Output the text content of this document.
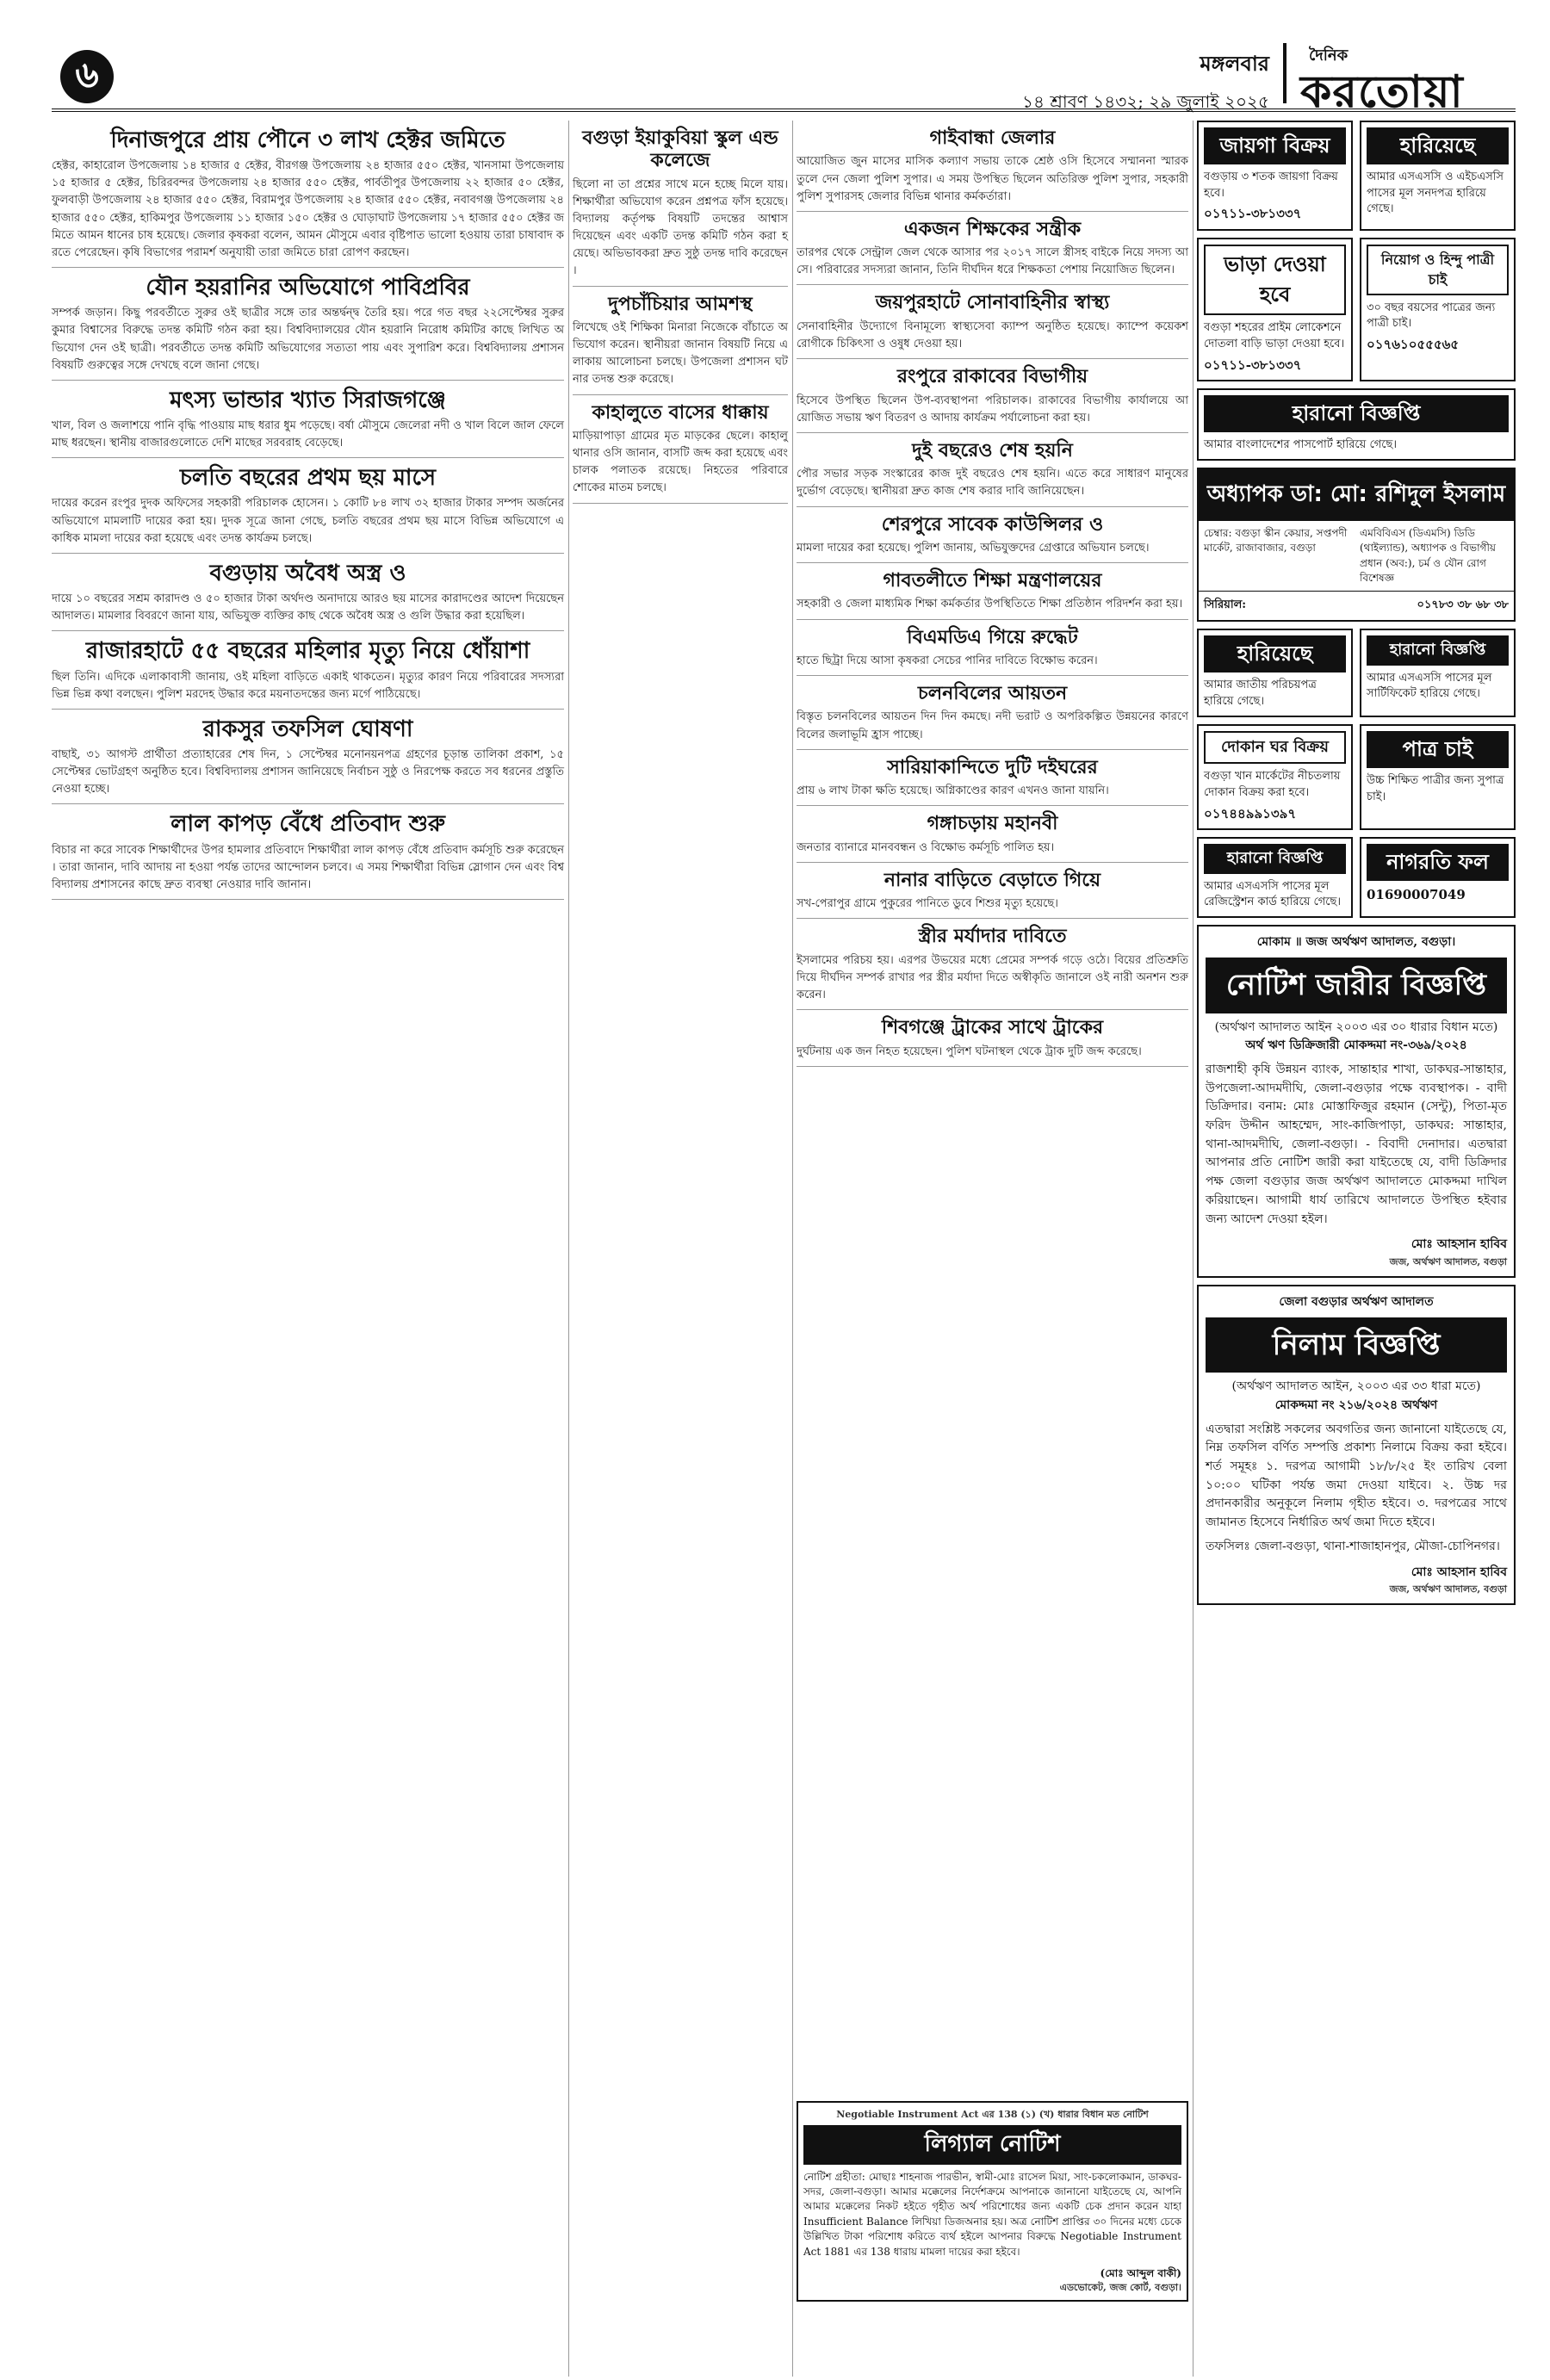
৬	মঙ্গলবার
১৪ শ্রাবণ ১৪৩২; ২৯ জুলাই ২০২৫
দৈনিক
করতোয়া
দিনাজপুরে প্রায় পৌনে ৩ লাখ হেক্টর জমিতে

হেক্টর, কাহারোল উপজেলায় ১৪ হাজার ৫ হেক্টর, বীরগঞ্জ উপজেলায় ২৪ হাজার ৫৫০ হেক্টর, খানসামা উপজেলায় ১৫ হাজার ৫ হেক্টর, চিরিরবন্দর উপজেলায় ২৪ হাজার ৫৫০ হেক্টর, পার্বতীপুর উপজেলায় ২২ হাজার ৫০ হেক্টর, ফুলবাড়ী উপজেলায় ২৪ হাজার ৫৫০ হেক্টর, বিরামপুর উপজেলায় ২৪ হাজার ৫৫০ হেক্টর, নবাবগঞ্জ উপজেলায় ২৪ হাজার ৫৫০ হেক্টর, হাকিমপুর উপজেলায় ১১ হাজার ১৫০ হেক্টর ও ঘোড়াঘাট উপজেলায় ১৭ হাজার ৫৫০ হেক্টর জমিতে আমন ধানের চাষ হয়েছে। জেলার কৃষকরা বলেন, আমন মৌসুমে এবার বৃষ্টিপাত ভালো হওয়ায় তারা চাষাবাদ করতে পেরেছেন। কৃষি বিভাগের পরামর্শ অনুযায়ী তারা জমিতে চারা রোপণ করছেন।

যৌন হয়রানির অভিযোগে পাবিপ্রবির

সম্পর্ক জড়ান। কিছু পরবর্তীতে সুরুর ওই ছাত্রীর সঙ্গে তার অন্তর্দ্বন্দ্ব তৈরি হয়। পরে গত বছর ২২সেপ্টেম্বর সুরুর কুমার বিশ্বাসের বিরুদ্ধে তদন্ত কমিটি গঠন করা হয়। বিশ্ববিদ্যালয়ের যৌন হয়রানি নিরোধ কমিটির কাছে লিখিত অভিযোগ দেন ওই ছাত্রী। পরবর্তীতে তদন্ত কমিটি অভিযোগের সত্যতা পায় এবং সুপারিশ করে। বিশ্ববিদ্যালয় প্রশাসন বিষয়টি গুরুত্বের সঙ্গে দেখছে বলে জানা গেছে।

মৎস্য ভান্ডার খ্যাত সিরাজগঞ্জে

খাল, বিল ও জলাশয়ে পানি বৃদ্ধি পাওয়ায় মাছ ধরার ধুম পড়েছে। বর্ষা মৌসুমে জেলেরা নদী ও খাল বিলে জাল ফেলে মাছ ধরছেন। স্থানীয় বাজারগুলোতে দেশি মাছের সরবরাহ বেড়েছে।

চলতি বছরের প্রথম ছয় মাসে

দায়ের করেন রংপুর দুদক অফিসের সহকারী পরিচালক হোসেন। ১ কোটি ৮৪ লাখ ৩২ হাজার টাকার সম্পদ অর্জনের অভিযোগে মামলাটি দায়ের করা হয়। দুদক সূত্রে জানা গেছে, চলতি বছরের প্রথম ছয় মাসে বিভিন্ন অভিযোগে একাধিক মামলা দায়ের করা হয়েছে এবং তদন্ত কার্যক্রম চলছে।

বগুড়ায় অবৈধ অস্ত্র ও

দায়ে ১০ বছরের সশ্রম কারাদণ্ড ও ৫০ হাজার টাকা অর্থদণ্ড অনাদায়ে আরও ছয় মাসের কারাদণ্ডের আদেশ দিয়েছেন আদালত। মামলার বিবরণে জানা যায়, অভিযুক্ত ব্যক্তির কাছ থেকে অবৈধ অস্ত্র ও গুলি উদ্ধার করা হয়েছিল।

রাজারহাটে ৫৫ বছরের মহিলার মৃত্যু নিয়ে ধোঁয়াশা

ছিল তিনি। এদিকে এলাকাবাসী জানায়, ওই মহিলা বাড়িতে একাই থাকতেন। মৃত্যুর কারণ নিয়ে পরিবারের সদস্যরা ভিন্ন ভিন্ন কথা বলছেন। পুলিশ মরদেহ উদ্ধার করে ময়নাতদন্তের জন্য মর্গে পাঠিয়েছে।

রাকসুর তফসিল ঘোষণা

বাছাই, ৩১ আগস্ট প্রার্থীতা প্রত্যাহারের শেষ দিন, ১ সেপ্টেম্বর মনোনয়নপত্র গ্রহণের চূড়ান্ত তালিকা প্রকাশ, ১৫ সেপ্টেম্বর ভোটগ্রহণ অনুষ্ঠিত হবে। বিশ্ববিদ্যালয় প্রশাসন জানিয়েছে নির্বাচন সুষ্ঠু ও নিরপেক্ষ করতে সব ধরনের প্রস্তুতি নেওয়া হচ্ছে।

লাল কাপড় বেঁধে প্রতিবাদ শুরু

বিচার না করে সাবেক শিক্ষার্থীদের উপর হামলার প্রতিবাদে শিক্ষার্থীরা লাল কাপড় বেঁধে প্রতিবাদ কর্মসূচি শুরু করেছেন। তারা জানান, দাবি আদায় না হওয়া পর্যন্ত তাদের আন্দোলন চলবে। এ সময় শিক্ষার্থীরা বিভিন্ন স্লোগান দেন এবং বিশ্ববিদ্যালয় প্রশাসনের কাছে দ্রুত ব্যবস্থা নেওয়ার দাবি জানান।

বগুড়া ইয়াকুবিয়া স্কুল এন্ড কলেজে

ছিলো না তা প্রশ্নের সাথে মনে হচ্ছে মিলে যায়। শিক্ষার্থীরা অভিযোগ করেন প্রশ্নপত্র ফাঁস হয়েছে। বিদ্যালয় কর্তৃপক্ষ বিষয়টি তদন্তের আশ্বাস দিয়েছেন এবং একটি তদন্ত কমিটি গঠন করা হয়েছে। অভিভাবকরা দ্রুত সুষ্ঠু তদন্ত দাবি করেছেন।

দুপচাঁচিয়ার আমশস্থ

লিখেছে ওই শিক্ষিকা মিনারা নিজেকে বাঁচাতে অভিযোগ করেন। স্থানীয়রা জানান বিষয়টি নিয়ে এলাকায় আলোচনা চলছে। উপজেলা প্রশাসন ঘটনার তদন্ত শুরু করেছে।

কাহালুতে বাসের ধাক্কায়

মাড়িয়াপাড়া গ্রামের মৃত মাড়কের ছেলে। কাহালু থানার ওসি জানান, বাসটি জব্দ করা হয়েছে এবং চালক পলাতক রয়েছে। নিহতের পরিবারে শোকের মাতম চলছে।

গাইবান্ধা জেলার

আয়োজিত জুন মাসের মাসিক কল্যাণ সভায় তাকে শ্রেষ্ঠ ওসি হিসেবে সম্মাননা স্মারক তুলে দেন জেলা পুলিশ সুপার। এ সময় উপস্থিত ছিলেন অতিরিক্ত পুলিশ সুপার, সহকারী পুলিশ সুপারসহ জেলার বিভিন্ন থানার কর্মকর্তারা।

একজন শিক্ষকের সন্ত্রীক

তারপর থেকে সেন্ট্রাল জেল থেকে আসার পর ২০১৭ সালে স্ত্রীসহ বাইকে নিয়ে সদস্য আসে। পরিবারের সদস্যরা জানান, তিনি দীর্ঘদিন ধরে শিক্ষকতা পেশায় নিয়োজিত ছিলেন।

জয়পুরহাটে সোনাবাহিনীর স্বাস্থ্য

সেনাবাহিনীর উদ্যোগে বিনামূল্যে স্বাস্থ্যসেবা ক্যাম্প অনুষ্ঠিত হয়েছে। ক্যাম্পে কয়েকশ রোগীকে চিকিৎসা ও ওষুধ দেওয়া হয়।

রংপুরে রাকাবের বিভাগীয়

হিসেবে উপস্থিত ছিলেন উপ-ব্যবস্থাপনা পরিচালক। রাকাবের বিভাগীয় কার্যালয়ে আয়োজিত সভায় ঋণ বিতরণ ও আদায় কার্যক্রম পর্যালোচনা করা হয়।

দুই বছরেও শেষ হয়নি

পৌর সভার সড়ক সংস্কারের কাজ দুই বছরেও শেষ হয়নি। এতে করে সাধারণ মানুষের দুর্ভোগ বেড়েছে। স্থানীয়রা দ্রুত কাজ শেষ করার দাবি জানিয়েছেন।

শেরপুরে সাবেক কাউন্সিলর ও

মামলা দায়ের করা হয়েছে। পুলিশ জানায়, অভিযুক্তদের গ্রেপ্তারে অভিযান চলছে।

গাবতলীতে শিক্ষা মন্ত্রণালয়ের

সহকারী ও জেলা মাধ্যমিক শিক্ষা কর্মকর্তার উপস্থিতিতে শিক্ষা প্রতিষ্ঠান পরিদর্শন করা হয়।

বিএমডিএ গিয়ে রুদ্ধেট

হাতে ছিট্রা দিয়ে আসা কৃষকরা সেচের পানির দাবিতে বিক্ষোভ করেন।

চলনবিলের আয়তন

বিস্তৃত চলনবিলের আয়তন দিন দিন কমছে। নদী ভরাট ও অপরিকল্পিত উন্নয়নের কারণে বিলের জলাভূমি হ্রাস পাচ্ছে।

সারিয়াকান্দিতে দুটি দইঘরের

প্রায় ৬ লাখ টাকা ক্ষতি হয়েছে। অগ্নিকাণ্ডের কারণ এখনও জানা যায়নি।

গঙ্গাচড়ায় মহানবী

জনতার ব্যানারে মানববন্ধন ও বিক্ষোভ কর্মসূচি পালিত হয়।

নানার বাড়িতে বেড়াতে গিয়ে

সখ-পেরাপুর গ্রামে পুকুরের পানিতে ডুবে শিশুর মৃত্যু হয়েছে।

স্ত্রীর মর্যাদার দাবিতে

ইসলামের পরিচয় হয়। এরপর উভয়ের মধ্যে প্রেমের সম্পর্ক গড়ে ওঠে। বিয়ের প্রতিশ্রুতি দিয়ে দীর্ঘদিন সম্পর্ক রাখার পর স্ত্রীর মর্যাদা দিতে অস্বীকৃতি জানালে ওই নারী অনশন শুরু করেন।

শিবগঞ্জে ট্রাকের সাথে ট্রাকের

দুর্ঘটনায় এক জন নিহত হয়েছেন। পুলিশ ঘটনাস্থল থেকে ট্রাক দুটি জব্দ করেছে।

Negotiable Instrument Act এর 138 (১) (খ) ধারার বিধান মত নোটিশ
লিগ্যাল নোটিশ

নোটিশ গ্রহীতা: মোছাঃ শাহনাজ পারভীন, স্বামী-মোঃ রাসেল মিয়া, সাং-চকলোকমান, ডাকঘর-সদর, জেলা-বগুড়া। আমার মক্কেলের নির্দেশক্রমে আপনাকে জানানো যাইতেছে যে, আপনি আমার মক্কেলের নিকট হইতে গৃহীত অর্থ পরিশোধের জন্য একটি চেক প্রদান করেন যাহা Insufficient Balance লিখিয়া ডিজঅনার হয়। অত্র নোটিশ প্রাপ্তির ৩০ দিনের মধ্যে চেকে উল্লিখিত টাকা পরিশোধ করিতে ব্যর্থ হইলে আপনার বিরুদ্ধে Negotiable Instrument Act 1881 এর 138 ধারায় মামলা দায়ের করা হইবে।

(মোঃ আব্দুল বাকী)
এডভোকেট, জজ কোর্ট, বগুড়া।
জায়গা বিক্রয়
বগুড়ায় ৩ শতক জায়গা বিক্রয় হবে।
০১৭১১-৩৮১৩৩৭
হারিয়েছে
আমার এসএসসি ও এইচএসসি পাসের মূল সনদপত্র হারিয়ে গেছে।
ভাড়া দেওয়া হবে
বগুড়া শহরের প্রাইম লোকেশনে দোতলা বাড়ি ভাড়া দেওয়া হবে।
০১৭১১-৩৮১৩৩৭
নিয়োগ ও হিন্দু পাত্রী চাই
৩০ বছর বয়সের পাত্রের জন্য পাত্রী চাই।
০১৭৬১০৫৫৫৬৫
হারানো বিজ্ঞপ্তি
আমার বাংলাদেশের পাসপোর্ট হারিয়ে গেছে।
অধ্যাপক ডা: মো: রশিদুল ইসলাম
চেম্বার: বগুড়া স্কীন কেয়ার, সপ্তপদী মার্কেট, রাজাবাজার, বগুড়া
এমবিবিএস (ডিএমসি) ডিডি (থাইল্যান্ড), অধ্যাপক ও বিভাগীয় প্রধান (অব:), চর্ম ও যৌন রোগ বিশেষজ্ঞ
সিরিয়াল:	০১৭৮৩ ৩৮ ৬৮ ৩৮
হারিয়েছে
আমার জাতীয় পরিচয়পত্র হারিয়ে গেছে।
হারানো বিজ্ঞপ্তি
আমার এসএসসি পাসের মূল সার্টিফিকেট হারিয়ে গেছে।
দোকান ঘর বিক্রয়
বগুড়া খান মার্কেটের নীচতলায় দোকান বিক্রয় করা হবে।
০১৭৪৪৯৯১৩৯৭
পাত্র চাই
উচ্চ শিক্ষিত পাত্রীর জন্য সুপাত্র চাই।
হারানো বিজ্ঞপ্তি
আমার এসএসসি পাসের মূল রেজিস্ট্রেশন কার্ড হারিয়ে গেছে।
নাগরতি ফল
01690007049
মোকাম ॥ জজ অর্থঋণ আদালত, বগুড়া।
নোটিশ জারীর বিজ্ঞপ্তি
(অর্থঋণ আদালত আইন ২০০৩ এর ৩০ ধারার বিধান মতে)
অর্থ ঋণ ডিক্রিজারী মোকদ্দমা নং-৩৬৯/২০২৪

রাজশাহী কৃষি উন্নয়ন ব্যাংক, সান্তাহার শাখা, ডাকঘর-সান্তাহার, উপজেলা-আদমদীঘি, জেলা-বগুড়ার পক্ষে ব্যবস্থাপক। - বাদী ডিক্রিদার। বনাম: মোঃ মোস্তাফিজুর রহমান (সেন্টু), পিতা-মৃত ফরিদ উদ্দীন আহম্মেদ, সাং-কাজিপাড়া, ডাকঘর: সান্তাহার, থানা-আদমদীঘি, জেলা-বগুড়া। - বিবাদী দেনাদার। এতদ্বারা আপনার প্রতি নোটিশ জারী করা যাইতেছে যে, বাদী ডিক্রিদার পক্ষ জেলা বগুড়ার জজ অর্থঋণ আদালতে মোকদ্দমা দাখিল করিয়াছেন। আগামী ধার্য তারিখে আদালতে উপস্থিত হইবার জন্য আদেশ দেওয়া হইল।

মোঃ আহসান হাবিব
জজ, অর্থঋণ আদালত, বগুড়া
জেলা বগুড়ার অর্থঋণ আদালত
নিলাম বিজ্ঞপ্তি
(অর্থঋণ আদালত আইন, ২০০৩ এর ৩৩ ধারা মতে)
মোকদ্দমা নং ২১৬/২০২৪ অর্থঋণ

এতদ্বারা সংশ্লিষ্ট সকলের অবগতির জন্য জানানো যাইতেছে যে, নিম্ন তফসিল বর্ণিত সম্পত্তি প্রকাশ্য নিলামে বিক্রয় করা হইবে। শর্ত সমূহঃ ১. দরপত্র আগামী ১৮/৮/২৫ ইং তারিখ বেলা ১০:০০ ঘটিকা পর্যন্ত জমা দেওয়া যাইবে। ২. উচ্চ দর প্রদানকারীর অনুকূলে নিলাম গৃহীত হইবে। ৩. দরপত্রের সাথে জামানত হিসেবে নির্ধারিত অর্থ জমা দিতে হইবে।

তফসিলঃ জেলা-বগুড়া, থানা-শাজাহানপুর, মৌজা-চোপিনগর।

মোঃ আহসান হাবিব
জজ, অর্থঋণ আদালত, বগুড়া
